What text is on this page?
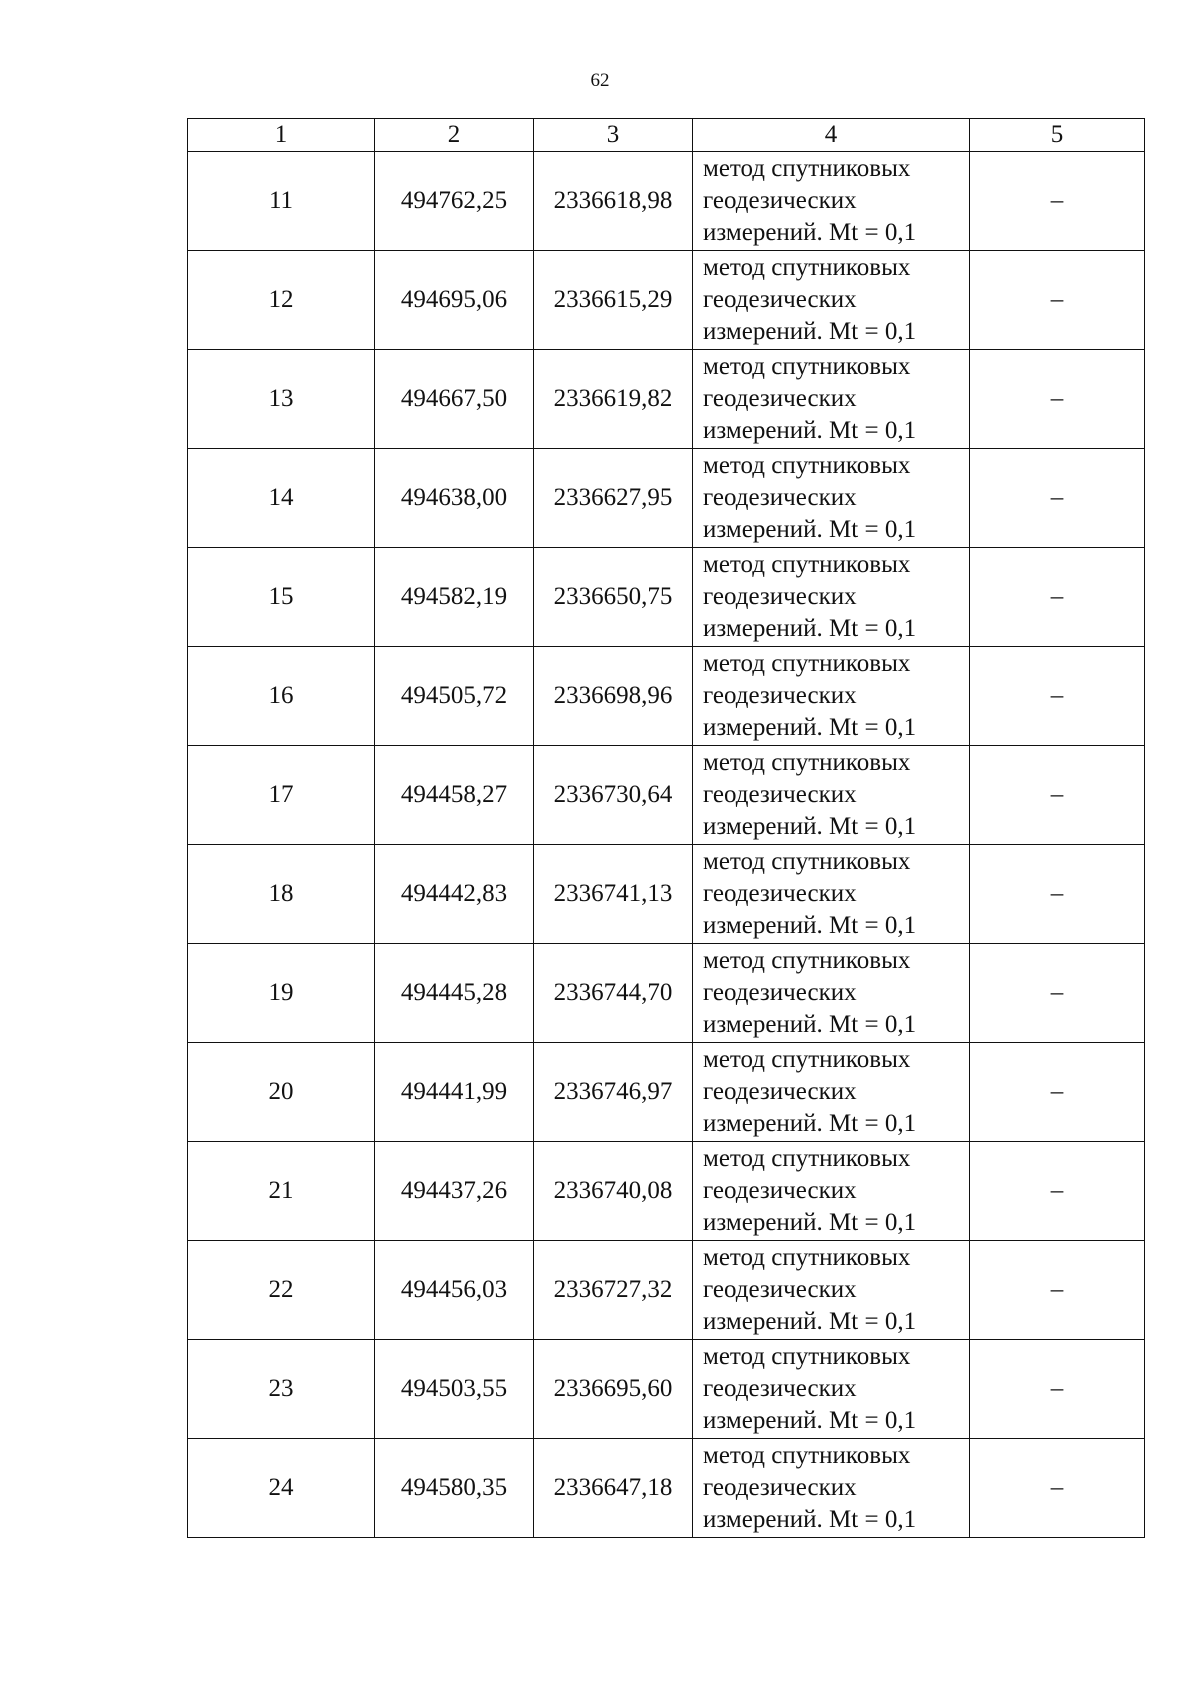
62
1	2	3	4	5
11	494762,25	2336618,98	метод спутниковых
геодезических
измерений. Mt = 0,1	–
12	494695,06	2336615,29	метод спутниковых
геодезических
измерений. Mt = 0,1	–
13	494667,50	2336619,82	метод спутниковых
геодезических
измерений. Mt = 0,1	–
14	494638,00	2336627,95	метод спутниковых
геодезических
измерений. Mt = 0,1	–
15	494582,19	2336650,75	метод спутниковых
геодезических
измерений. Mt = 0,1	–
16	494505,72	2336698,96	метод спутниковых
геодезических
измерений. Mt = 0,1	–
17	494458,27	2336730,64	метод спутниковых
геодезических
измерений. Mt = 0,1	–
18	494442,83	2336741,13	метод спутниковых
геодезических
измерений. Mt = 0,1	–
19	494445,28	2336744,70	метод спутниковых
геодезических
измерений. Mt = 0,1	–
20	494441,99	2336746,97	метод спутниковых
геодезических
измерений. Mt = 0,1	–
21	494437,26	2336740,08	метод спутниковых
геодезических
измерений. Mt = 0,1	–
22	494456,03	2336727,32	метод спутниковых
геодезических
измерений. Mt = 0,1	–
23	494503,55	2336695,60	метод спутниковых
геодезических
измерений. Mt = 0,1	–
24	494580,35	2336647,18	метод спутниковых
геодезических
измерений. Mt = 0,1	–
